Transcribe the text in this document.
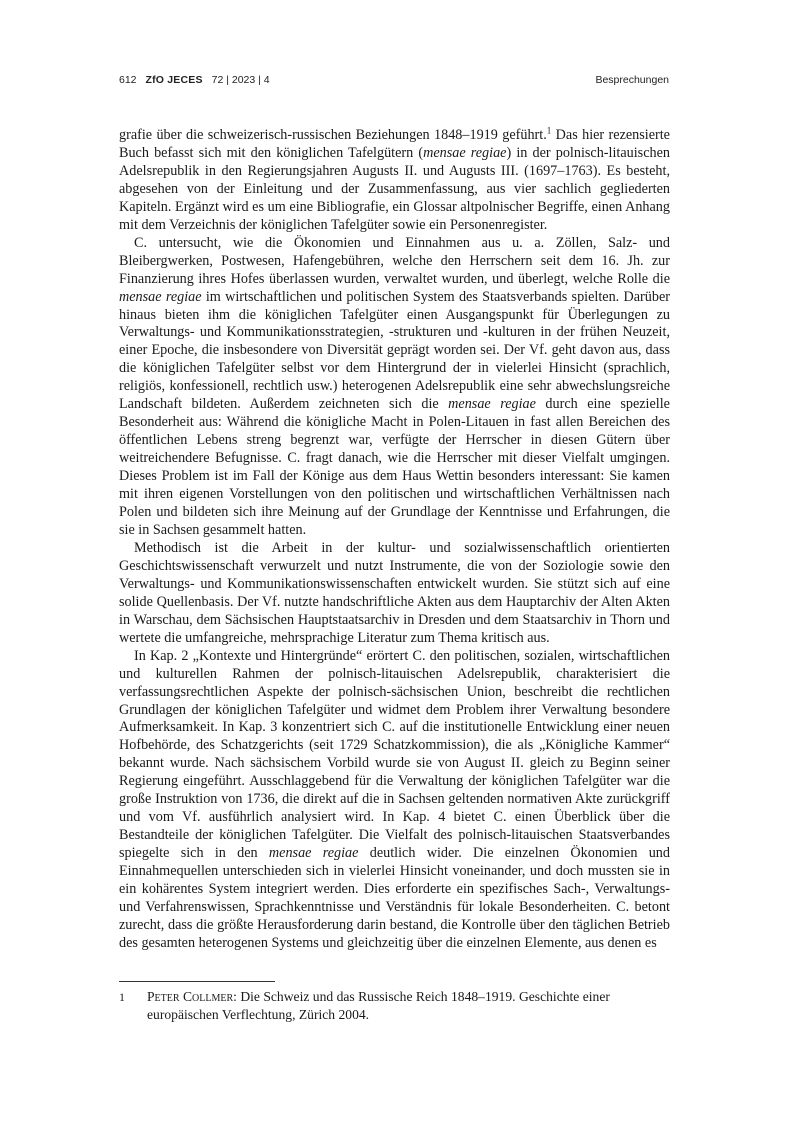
612 ZfO JECES 72 | 2023 | 4	Besprechungen

grafie über die schweizerisch-russischen Beziehungen 1848–1919 geführt.$^1$ Das hier rezensierte Buch befasst sich mit den königlichen Tafelgütern (mensae regiae) in der polnisch-litauischen Adelsrepublik in den Regierungsjahren Augusts II. und Augusts III. (1697–1763). Es besteht, abgesehen von der Einleitung und der Zusammenfassung, aus vier sachlich gegliederten Kapiteln. Ergänzt wird es um eine Bibliografie, ein Glossar altpolnischer Begriffe, einen Anhang mit dem Verzeichnis der königlichen Tafelgüter sowie ein Personenregister.

C. untersucht, wie die Ökonomien und Einnahmen aus u. a. Zöllen, Salz- und Bleibergwerken, Postwesen, Hafengebühren, welche den Herrschern seit dem 16. Jh. zur Finanzierung ihres Hofes überlassen wurden, verwaltet wurden, und überlegt, welche Rolle die mensae regiae im wirtschaftlichen und politischen System des Staatsverbands spielten. Darüber hinaus bieten ihm die königlichen Tafelgüter einen Ausgangspunkt für Überlegungen zu Verwaltungs- und Kommunikationsstrategien, -strukturen und -kulturen in der frühen Neuzeit, einer Epoche, die insbesondere von Diversität geprägt worden sei. Der Vf. geht davon aus, dass die königlichen Tafelgüter selbst vor dem Hintergrund der in vielerlei Hinsicht (sprachlich, religiös, konfessionell, rechtlich usw.) heterogenen Adelsrepublik eine sehr abwechslungsreiche Landschaft bildeten. Außerdem zeichneten sich die mensae regiae durch eine spezielle Besonderheit aus: Während die königliche Macht in Polen-Litauen in fast allen Bereichen des öffentlichen Lebens streng begrenzt war, verfügte der Herrscher in diesen Gütern über weitreichendere Befugnisse. C. fragt danach, wie die Herrscher mit dieser Vielfalt umgingen. Dieses Problem ist im Fall der Könige aus dem Haus Wettin besonders interessant: Sie kamen mit ihren eigenen Vorstellungen von den politischen und wirtschaftlichen Verhältnissen nach Polen und bildeten sich ihre Meinung auf der Grundlage der Kenntnisse und Erfahrungen, die sie in Sachsen gesammelt hatten.

Methodisch ist die Arbeit in der kultur- und sozialwissenschaftlich orientierten Geschichtswissenschaft verwurzelt und nutzt Instrumente, die von der Soziologie sowie den Verwaltungs- und Kommunikationswissenschaften entwickelt wurden. Sie stützt sich auf eine solide Quellenbasis. Der Vf. nutzte handschriftliche Akten aus dem Hauptarchiv der Alten Akten in Warschau, dem Sächsischen Hauptstaatsarchiv in Dresden und dem Staatsarchiv in Thorn und wertete die umfangreiche, mehrsprachige Literatur zum Thema kritisch aus.

In Kap. 2 „Kontexte und Hintergründe“ erörtert C. den politischen, sozialen, wirtschaftlichen und kulturellen Rahmen der polnisch-litauischen Adelsrepublik, charakterisiert die verfassungsrechtlichen Aspekte der polnisch-sächsischen Union, beschreibt die rechtlichen Grundlagen der königlichen Tafelgüter und widmet dem Problem ihrer Verwaltung besondere Aufmerksamkeit. In Kap. 3 konzentriert sich C. auf die institutionelle Entwicklung einer neuen Hofbehörde, des Schatzgerichts (seit 1729 Schatzkommission), die als „Königliche Kammer“ bekannt wurde. Nach sächsischem Vorbild wurde sie von August II. gleich zu Beginn seiner Regierung eingeführt. Ausschlaggebend für die Verwaltung der königlichen Tafelgüter war die große Instruktion von 1736, die direkt auf die in Sachsen geltenden normativen Akte zurückgriff und vom Vf. ausführlich analysiert wird. In Kap. 4 bietet C. einen Überblick über die Bestandteile der königlichen Tafelgüter. Die Vielfalt des polnisch-litauischen Staatsverbandes spiegelte sich in den mensae regiae deutlich wider. Die einzelnen Ökonomien und Einnahmequellen unterschieden sich in vielerlei Hinsicht voneinander, und doch mussten sie in ein kohärentes System integriert werden. Dies erforderte ein spezifisches Sach-, Verwaltungs- und Verfahrenswissen, Sprachkenntnisse und Verständnis für lokale Besonderheiten. C. betont zurecht, dass die größte Herausforderung darin bestand, die Kontrolle über den täglichen Betrieb des gesamten heterogenen Systems und gleichzeitig über die einzelnen Elemente, aus denen es

1 Peter Collmer: Die Schweiz und das Russische Reich 1848–1919. Geschichte einer europäischen Verflechtung, Zürich 2004.
